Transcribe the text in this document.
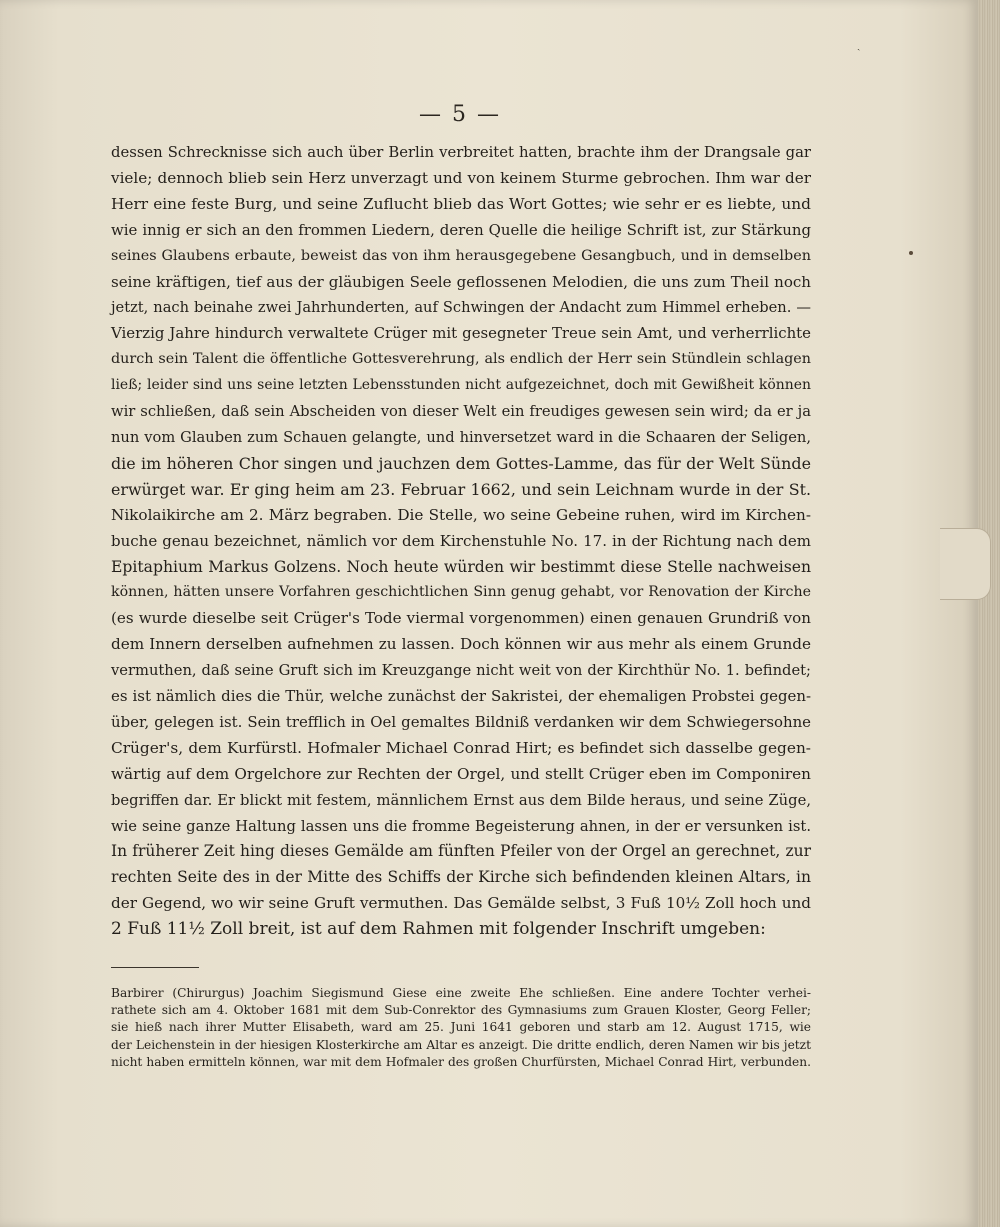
ˎ
— 5 —
dessen Schrecknisse sich auch über Berlin verbreitet hatten, brachte ihm der Drangsale gar
viele; dennoch blieb sein Herz unverzagt und von keinem Sturme gebrochen. Ihm war der
Herr eine feste Burg, und seine Zuflucht blieb das Wort Gottes; wie sehr er es liebte, und
wie innig er sich an den frommen Liedern, deren Quelle die heilige Schrift ist, zur Stärkung
seines Glaubens erbaute, beweist das von ihm herausgegebene Gesangbuch, und in demselben
seine kräftigen, tief aus der gläubigen Seele geflossenen Melodien, die uns zum Theil noch
jetzt, nach beinahe zwei Jahrhunderten, auf Schwingen der Andacht zum Himmel erheben. —
Vierzig Jahre hindurch verwaltete Crüger mit gesegneter Treue sein Amt, und verherrlichte
durch sein Talent die öffentliche Gottesverehrung, als endlich der Herr sein Stündlein schlagen
ließ; leider sind uns seine letzten Lebensstunden nicht aufgezeichnet, doch mit Gewißheit können
wir schließen, daß sein Abscheiden von dieser Welt ein freudiges gewesen sein wird; da er ja
nun vom Glauben zum Schauen gelangte, und hinversetzet ward in die Schaaren der Seligen,
die im höheren Chor singen und jauchzen dem Gottes-Lamme, das für der Welt Sünde
erwürget war. Er ging heim am 23. Februar 1662, und sein Leichnam wurde in der St.
Nikolaikirche am 2. März begraben. Die Stelle, wo seine Gebeine ruhen, wird im Kirchen-
buche genau bezeichnet, nämlich vor dem Kirchenstuhle No. 17. in der Richtung nach dem
Epitaphium Markus Golzens. Noch heute würden wir bestimmt diese Stelle nachweisen
können, hätten unsere Vorfahren geschichtlichen Sinn genug gehabt, vor Renovation der Kirche
(es wurde dieselbe seit Crüger's Tode viermal vorgenommen) einen genauen Grundriß von
dem Innern derselben aufnehmen zu lassen. Doch können wir aus mehr als einem Grunde
vermuthen, daß seine Gruft sich im Kreuzgange nicht weit von der Kirchthür No. 1. befindet;
es ist nämlich dies die Thür, welche zunächst der Sakristei, der ehemaligen Probstei gegen-
über, gelegen ist. Sein trefflich in Oel gemaltes Bildniß verdanken wir dem Schwiegersohne
Crüger's, dem Kurfürstl. Hofmaler Michael Conrad Hirt; es befindet sich dasselbe gegen-
wärtig auf dem Orgelchore zur Rechten der Orgel, und stellt Crüger eben im Componiren
begriffen dar. Er blickt mit festem, männlichem Ernst aus dem Bilde heraus, und seine Züge,
wie seine ganze Haltung lassen uns die fromme Begeisterung ahnen, in der er versunken ist.
In früherer Zeit hing dieses Gemälde am fünften Pfeiler von der Orgel an gerechnet, zur
rechten Seite des in der Mitte des Schiffs der Kirche sich befindenden kleinen Altars, in
der Gegend, wo wir seine Gruft vermuthen. Das Gemälde selbst, 3 Fuß 10½ Zoll hoch und
2 Fuß 11½ Zoll breit, ist auf dem Rahmen mit folgender Inschrift umgeben:
Barbirer (Chirurgus) Joachim Siegismund Giese eine zweite Ehe schließen. Eine andere Tochter verhei-
rathete sich am 4. Oktober 1681 mit dem Sub-Conrektor des Gymnasiums zum Grauen Kloster, Georg Feller;
sie hieß nach ihrer Mutter Elisabeth, ward am 25. Juni 1641 geboren und starb am 12. August 1715, wie
der Leichenstein in der hiesigen Klosterkirche am Altar es anzeigt. Die dritte endlich, deren Namen wir bis jetzt
nicht haben ermitteln können, war mit dem Hofmaler des großen Churfürsten, Michael Conrad Hirt, verbunden.
